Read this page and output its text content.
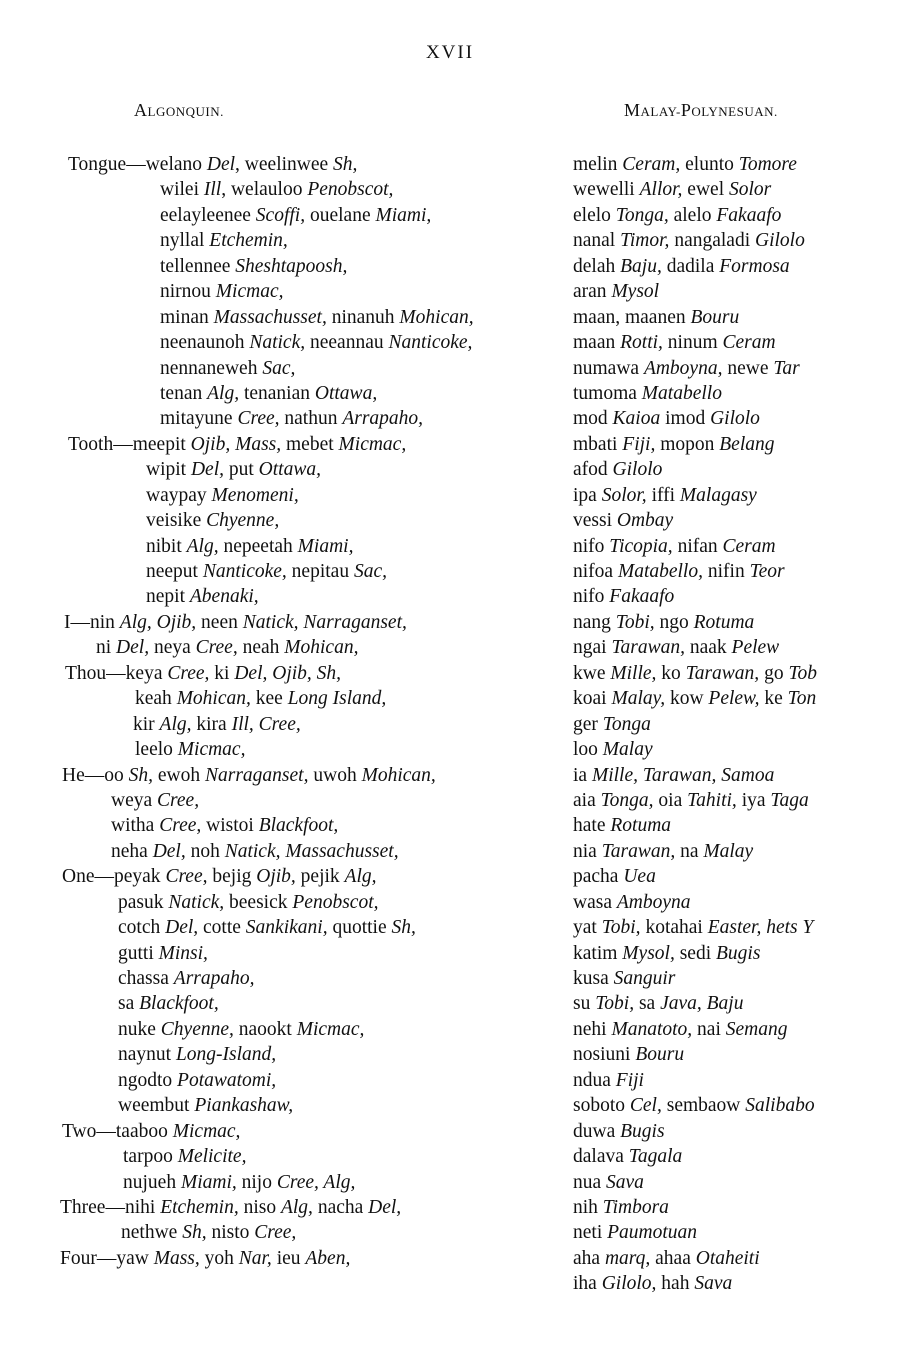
XVII
ALGONQUIN.	MALAY-POLYNESUAN.
Tongue—welano Del, weelinwee Sh,
wilei Ill, welauloo Penobscot,
eelayleenee Scoffi, ouelane Miami,
nyllal Etchemin,
tellennee Sheshtapoosh,
nirnou Micmac,
minan Massachusset, ninanuh Mohican,
neenaunoh Natick, neeannau Nanticoke,
nennaneweh Sac,
tenan Alg, tenanian Ottawa,
mitayune Cree, nathun Arrapaho,
Tooth—meepit Ojib, Mass, mebet Micmac,
wipit Del, put Ottawa,
waypay Menomeni,
veisike Chyenne,
nibit Alg, nepeetah Miami,
neeput Nanticoke, nepitau Sac,
nepit Abenaki,
I—nin Alg, Ojib, neen Natick, Narraganset,
ni Del, neya Cree, neah Mohican,
Thou—keya Cree, ki Del, Ojib, Sh,
keah Mohican, kee Long Island,
kir Alg, kira Ill, Cree,
leelo Micmac,
He—oo Sh, ewoh Narraganset, uwoh Mohican,
weya Cree,
witha Cree, wistoi Blackfoot,
neha Del, noh Natick, Massachusset,
One—peyak Cree, bejig Ojib, pejik Alg,
pasuk Natick, beesick Penobscot,
cotch Del, cotte Sankikani, quottie Sh,
gutti Minsi,
chassa Arrapaho,
sa Blackfoot,
nuke Chyenne, naookt Micmac,
naynut Long-Island,
ngodto Potawatomi,
weembut Piankashaw,
Two—taaboo Micmac,
tarpoo Melicite,
nujueh Miami, nijo Cree, Alg,
Three—nihi Etchemin, niso Alg, nacha Del,
nethwe Sh, nisto Cree,
Four—yaw Mass, yoh Nar, ieu Aben,
melin Ceram, elunto Tomore
wewelli Allor, ewel Solor
elelo Tonga, alelo Fakaafo
nanal Timor, nangaladi Gilolo
delah Baju, dadila Formosa
aran Mysol
maan, maanen Bouru
maan Rotti, ninum Ceram
numawa Amboyna, newe Tar
tumoma Matabello
mod Kaioa imod Gilolo
mbati Fiji, mopon Belang
afod Gilolo
ipa Solor, iffi Malagasy
vessi Ombay
nifo Ticopia, nifan Ceram
nifoa Matabello, nifin Teor
nifo Fakaafo
nang Tobi, ngo Rotuma
ngai Tarawan, naak Pelew
kwe Mille, ko Tarawan, go Tob
koai Malay, kow Pelew, ke Ton
ger Tonga
loo Malay
ia Mille, Tarawan, Samoa
aia Tonga, oia Tahiti, iya Taga
hate Rotuma
nia Tarawan, na Malay
pacha Uea
wasa Amboyna
yat Tobi, kotahai Easter, hets Y
katim Mysol, sedi Bugis
kusa Sanguir
su Tobi, sa Java, Baju
nehi Manatoto, nai Semang
nosiuni Bouru
ndua Fiji
soboto Cel, sembaow Salibabo
duwa Bugis
dalava Tagala
nua Sava
nih Timbora
neti Paumotuan
aha marq, ahaa Otaheiti
iha Gilolo, hah Sava
